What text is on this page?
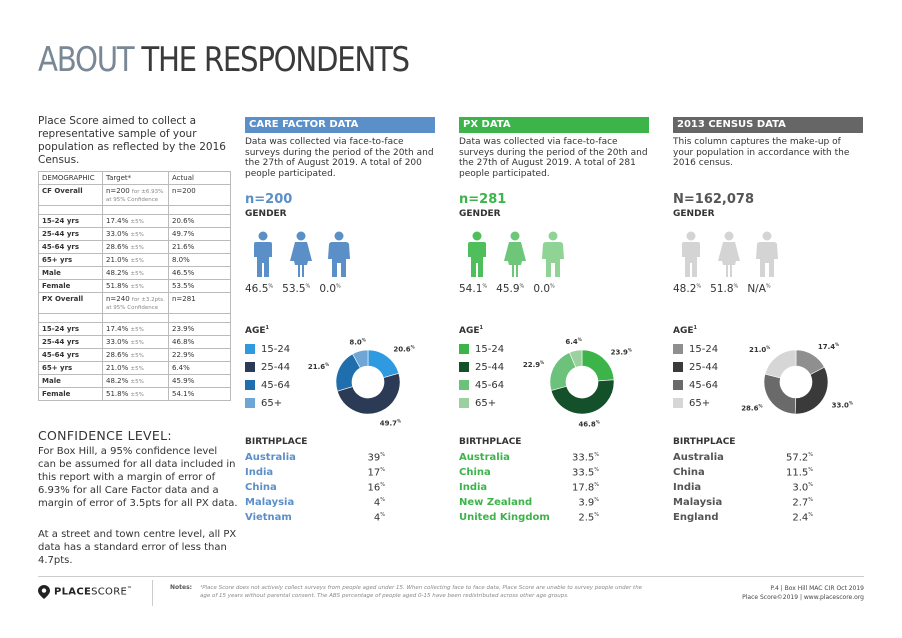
ABOUT THE RESPONDENTS
Place Score aimed to collect a representative sample of your population as reflected by the 2016 Census.
DEMOGRAPHIC	Target*	Actual
CF Overall	n=200 for ±6.93% at 95% Confidence	n=200

15-24 yrs	17.4% ±5%	20.6%
25-44 yrs	33.0% ±5%	49.7%
45-64 yrs	28.6% ±5%	21.6%
65+ yrs	21.0% ±5%	8.0%
Male	48.2% ±5%	46.5%
Female	51.8% ±5%	53.5%
PX Overall	n=240 for ±3.2pts. at 95% Confidence	n=281

15-24 yrs	17.4% ±5%	23.9%
25-44 yrs	33.0% ±5%	46.8%
45-64 yrs	28.6% ±5%	22.9%
65+ yrs	21.0% ±5%	6.4%
Male	48.2% ±5%	45.9%
Female	51.8% ±5%	54.1%
CONFIDENCE LEVEL:
For Box Hill, a 95% confidence level can be assumed for all data included in this report with a margin of error of 6.93% for all Care Factor data and a margin of error of 3.5pts for all PX data.
At a street and town centre level, all PX data has a standard error of less than 4.7pts.
CARE FACTOR DATA
Data was collected via face-to-face surveys during the period of the 20th and the 27th of August 2019. A total of 200 people participated.
n=200
GENDER
46.5% 53.5% 0.0%
AGE$^1$
15-24
25-44
45-64
65+
20.6%
49.7%
21.6%
8.0%
BIRTHPLACE
Australia	39%
India	17%
China	16%
Malaysia	4%
Vietnam	4%
PX DATA
Data was collected via face-to-face surveys during the period of the 20th and the 27th of August 2019. A total of 281 people participated.
n=281
GENDER
54.1% 45.9% 0.0%
AGE$^1$
15-24
25-44
45-64
65+
23.9%
46.8%
22.9%
6.4%
BIRTHPLACE
Australia	33.5%
China	33.5%
India	17.8%
New Zealand	3.9%
United Kingdom	2.5%
2013 CENSUS DATA
This column captures the make-up of your population in accordance with the 2016 census.
N=162,078
GENDER
48.2% 51.8% N/A%
AGE$^1$
15-24
25-44
45-64
65+
17.4%
33.0%
28.6%
21.0%
BIRTHPLACE
Australia	57.2%
China	11.5%
India	3.0%
Malaysia	2.7%
England	2.4%
PLACESCORE™	Notes: ¹Place Score does not actively collect surveys from people aged under 15. When collecting face to face data, Place Score are unable to survey people under the age of 15 years without parental consent. The ABS percentage of people aged 0-15 have been redistributed across other age groups.
P.4 | Box Hill MAC CIR Oct 2019
Place Score©2019 | www.placescore.org
